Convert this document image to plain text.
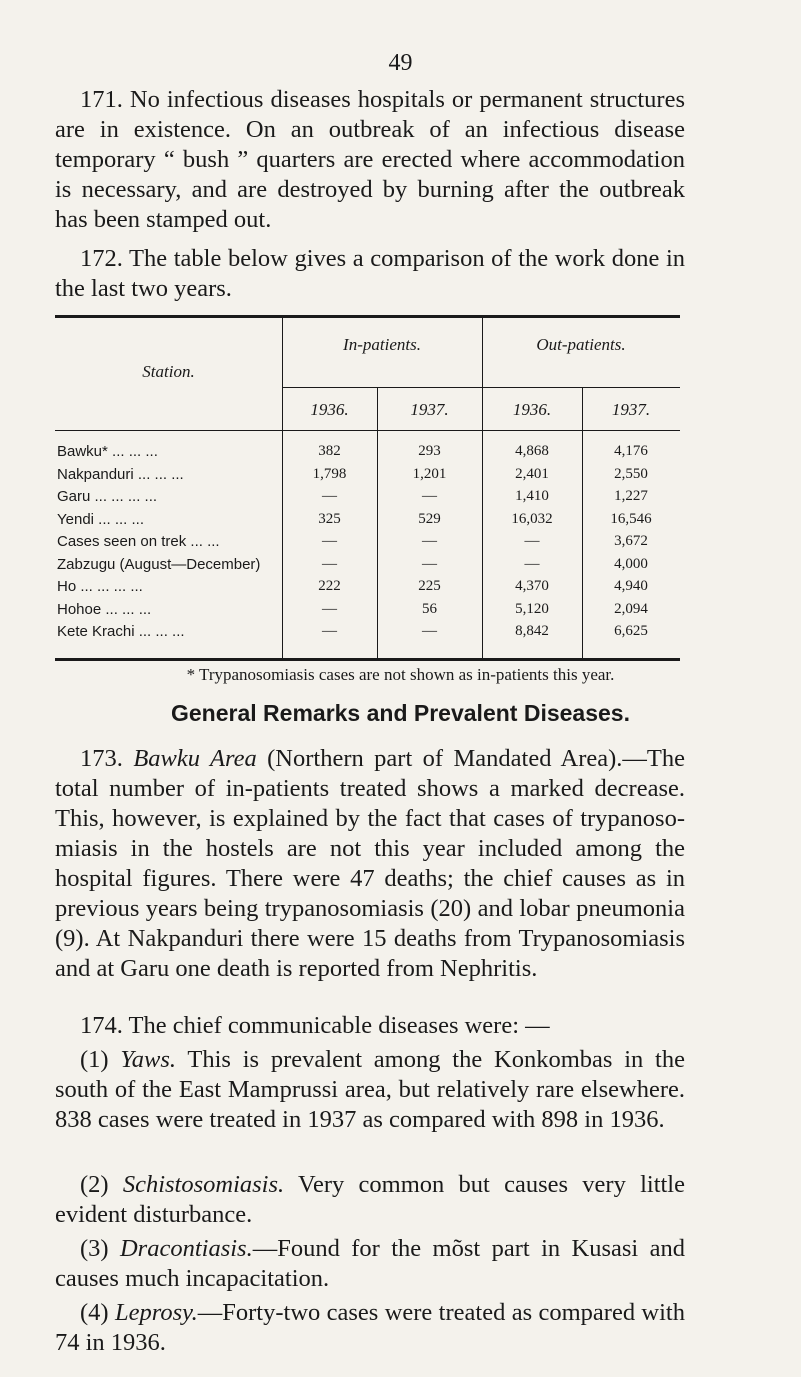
49

171. No infectious diseases hospitals or permanent structures are in existence. On an outbreak of an infectious disease temporary “ bush ” quarters are erected where accommodation is necessary, and are destroyed by burning after the outbreak has been stamped out.

172. The table below gives a comparison of the work done in the last two years.

Station.
In-patients.	Out-patients.
1936.	1937.	1936.	1937.
Bawku* ... ... ...	382	293	4,868	4,176
Nakpanduri ... ... ...	1,798	1,201	2,401	2,550
Garu ... ... ... ...	—	—	1,410	1,227
Yendi ... ... ...	325	529	16,032	16,546
Cases seen on trek ... ...	—	—	—	3,672
Zabzugu (August—December)	—	—	—	4,000
Ho ... ... ... ...	222	225	4,370	4,940
Hohoe ... ... ...	—	56	5,120	2,094
Kete Krachi ... ... ...	—	—	8,842	6,625
* Trypanosomiasis cases are not shown as in-patients this year.
General Remarks and Prevalent Diseases.

173. Bawku Area (Northern part of Mandated Area).—The total number of in-patients treated shows a marked decrease. This, however, is explained by the fact that cases of trypanoso-miasis in the hostels are not this year included among the hospital figures. There were 47 deaths; the chief causes as in previous years being trypanosomiasis (20) and lobar pneumonia (9). At Nakpanduri there were 15 deaths from Trypanosomiasis and at Garu one death is reported from Nephritis.

174. The chief communicable diseases were: —

(1) Yaws. This is prevalent among the Konkombas in the south of the East Mamprussi area, but relatively rare elsewhere. 838 cases were treated in 1937 as compared with 898 in 1936.

(2) Schistosomiasis. Very common but causes very little evident disturbance.

(3) Dracontiasis.—Found for the mõst part in Kusasi and causes much incapacitation.

(4) Leprosy.—Forty-two cases were treated as compared with 74 in 1936.
